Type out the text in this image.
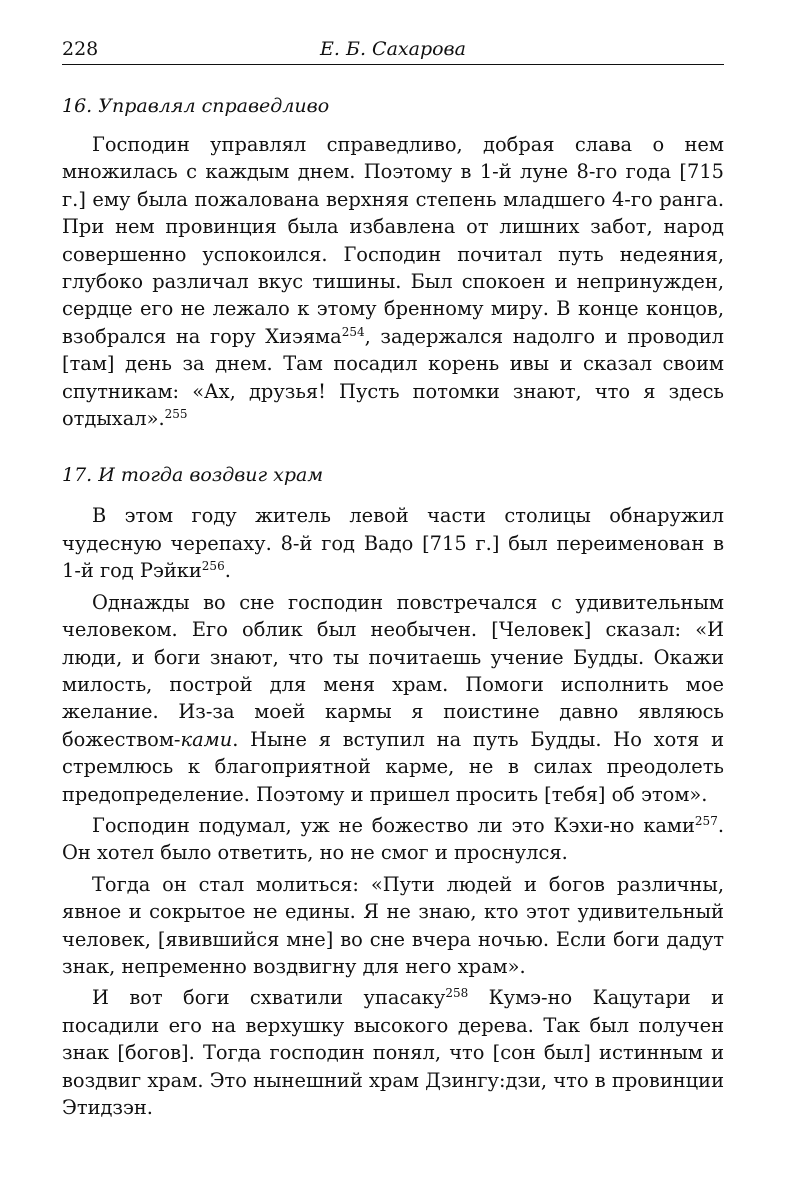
228	Е. Б. Сахарова
16. Управлял справедливо

Господин управлял справедливо, добрая слава о нем множилась с каждым днем. Поэтому в 1-й луне 8-го года [715 г.] ему была пожалована верхняя степень младшего 4-го ранга. При нем провинция была избавлена от лишних забот, народ совершенно успокоился. Господин почитал путь недеяния, глубоко различал вкус тишины. Был спокоен и непринужден, сердце его не лежало к этому бренному миру. В конце концов, взобрался на гору Хиэяма$^{254}$, задержался надолго и проводил [там] день за днем. Там посадил корень ивы и сказал своим спутникам: «Ах, друзья! Пусть потомки знают, что я здесь отдыхал».$^{255}$

17. И тогда воздвиг храм

В этом году житель левой части столицы обнаружил чудесную черепаху. 8-й год Вадо [715 г.] был переименован в 1-й год Рэйки$^{256}$.

Однажды во сне господин повстречался с удивительным человеком. Его облик был необычен. [Человек] сказал: «И люди, и боги знают, что ты почитаешь учение Будды. Окажи милость, построй для меня храм. Помоги исполнить мое желание. Из-за моей кармы я поистине давно являюсь божеством-ками. Ныне я вступил на путь Будды. Но хотя и стремлюсь к благоприятной карме, не в силах преодолеть предопределение. Поэтому и пришел просить [тебя] об этом».

Господин подумал, уж не божество ли это Кэхи-но ками$^{257}$. Он хотел было ответить, но не смог и проснулся.

Тогда он стал молиться: «Пути людей и богов различны, явное и сокрытое не едины. Я не знаю, кто этот удивительный человек, [явившийся мне] во сне вчера ночью. Если боги дадут знак, непременно воздвигну для него храм».

И вот боги схватили упасаку$^{258}$ Кумэ-но Кацутари и посадили его на верхушку высокого дерева. Так был получен знак [богов]. Тогда господин понял, что [сон был] истинным и воздвиг храм. Это нынешний храм Дзингу:дзи, что в провинции Этидзэн.
